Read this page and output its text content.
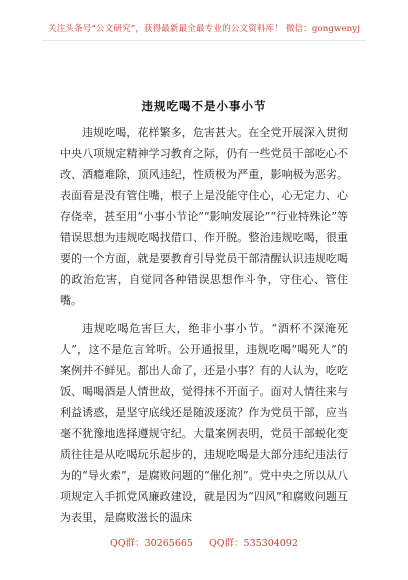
关注头条号“公文研究”，获得最新最全最专业的公文资料库！ 微信：gongwenyj
违规吃喝不是小事小节

违规吃喝，花样繁多，危害甚大。在全党开展深入贯彻中央八项规定精神学习教育之际，仍有一些党员干部吃心不改、酒瘾难除，顶风违纪，性质极为严重，影响极为恶劣。表面看是没有管住嘴，根子上是没能守住心，心无定力、心存侥幸，甚至用“小事小节论”“影响发展论”“行业特殊论”等错误思想为违规吃喝找借口、作开脱。整治违规吃喝，很重要的一个方面，就是要教育引导党员干部清醒认识违规吃喝的政治危害，自觉同各种错误思想作斗争，守住心、管住嘴。

违规吃喝危害巨大，绝非小事小节。“酒杯不深淹死人”，这不是危言耸听。公开通报里，违规吃喝“喝死人”的案例并不鲜见。都出人命了，还是小事？有的人认为，吃吃饭、喝喝酒是人情世故，觉得抹不开面子。面对人情往来与利益诱惑，是坚守底线还是随波逐流？作为党员干部，应当毫不犹豫地选择遵规守纪。大量案例表明，党员干部蜕化变质往往是从吃喝玩乐起步的，违规吃喝是大部分违纪违法行为的“导火索”，是腐败问题的“催化剂”。党中央之所以从八项规定入手抓党风廉政建设，就是因为“四风”和腐败问题互为表里，是腐败滋长的温床

QQ群：30265665 QQ群：535304092
